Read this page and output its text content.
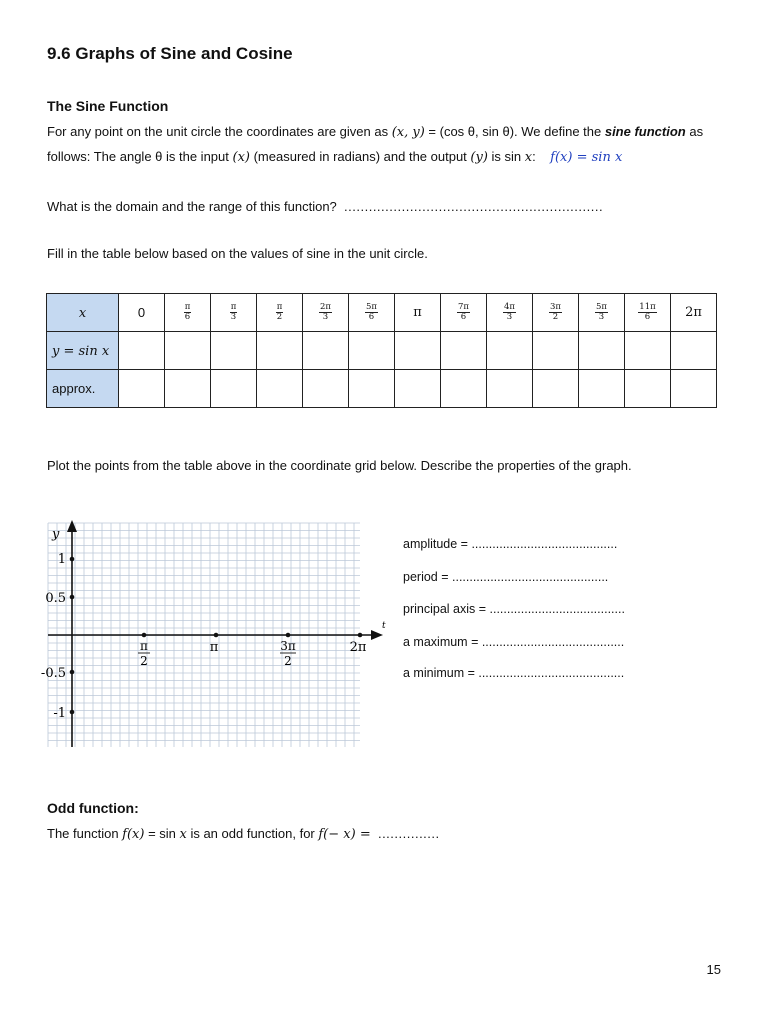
9.6 Graphs of Sine and Cosine
The Sine Function
For any point on the unit circle the coordinates are given as (x, y) = (cos θ, sin θ). We define the sine function as
follows: The angle θ is the input (x) (measured in radians) and the output (y) is sin x: f(x) = sin x
What is the domain and the range of this function? ...............................................................
Fill in the table below based on the values of sine in the unit circle.
x	0	$\frac{\pi}{6}$	$\frac{\pi}{3}$	$\frac{\pi}{2}$	$\frac{2\pi}{3}$	$\frac{5\pi}{6}$	π	$\frac{7\pi}{6}$	$\frac{4\pi}{3}$	$\frac{3\pi}{2}$	$\frac{5\pi}{3}$	$\frac{11\pi}{6}$	2π
y = sin x													
approx.													
Plot the points from the table above in the coordinate grid below. Describe the properties of the graph.
y
t
1
0.5
-0.5
-1
π
2
π	3π
2
2π
amplitude = ..........................................
period = .............................................
principal axis = .......................................
a maximum = .........................................
a minimum = ..........................................
Odd function:
The function f(x) = sin x is an odd function, for f(− x) = ...............
15
